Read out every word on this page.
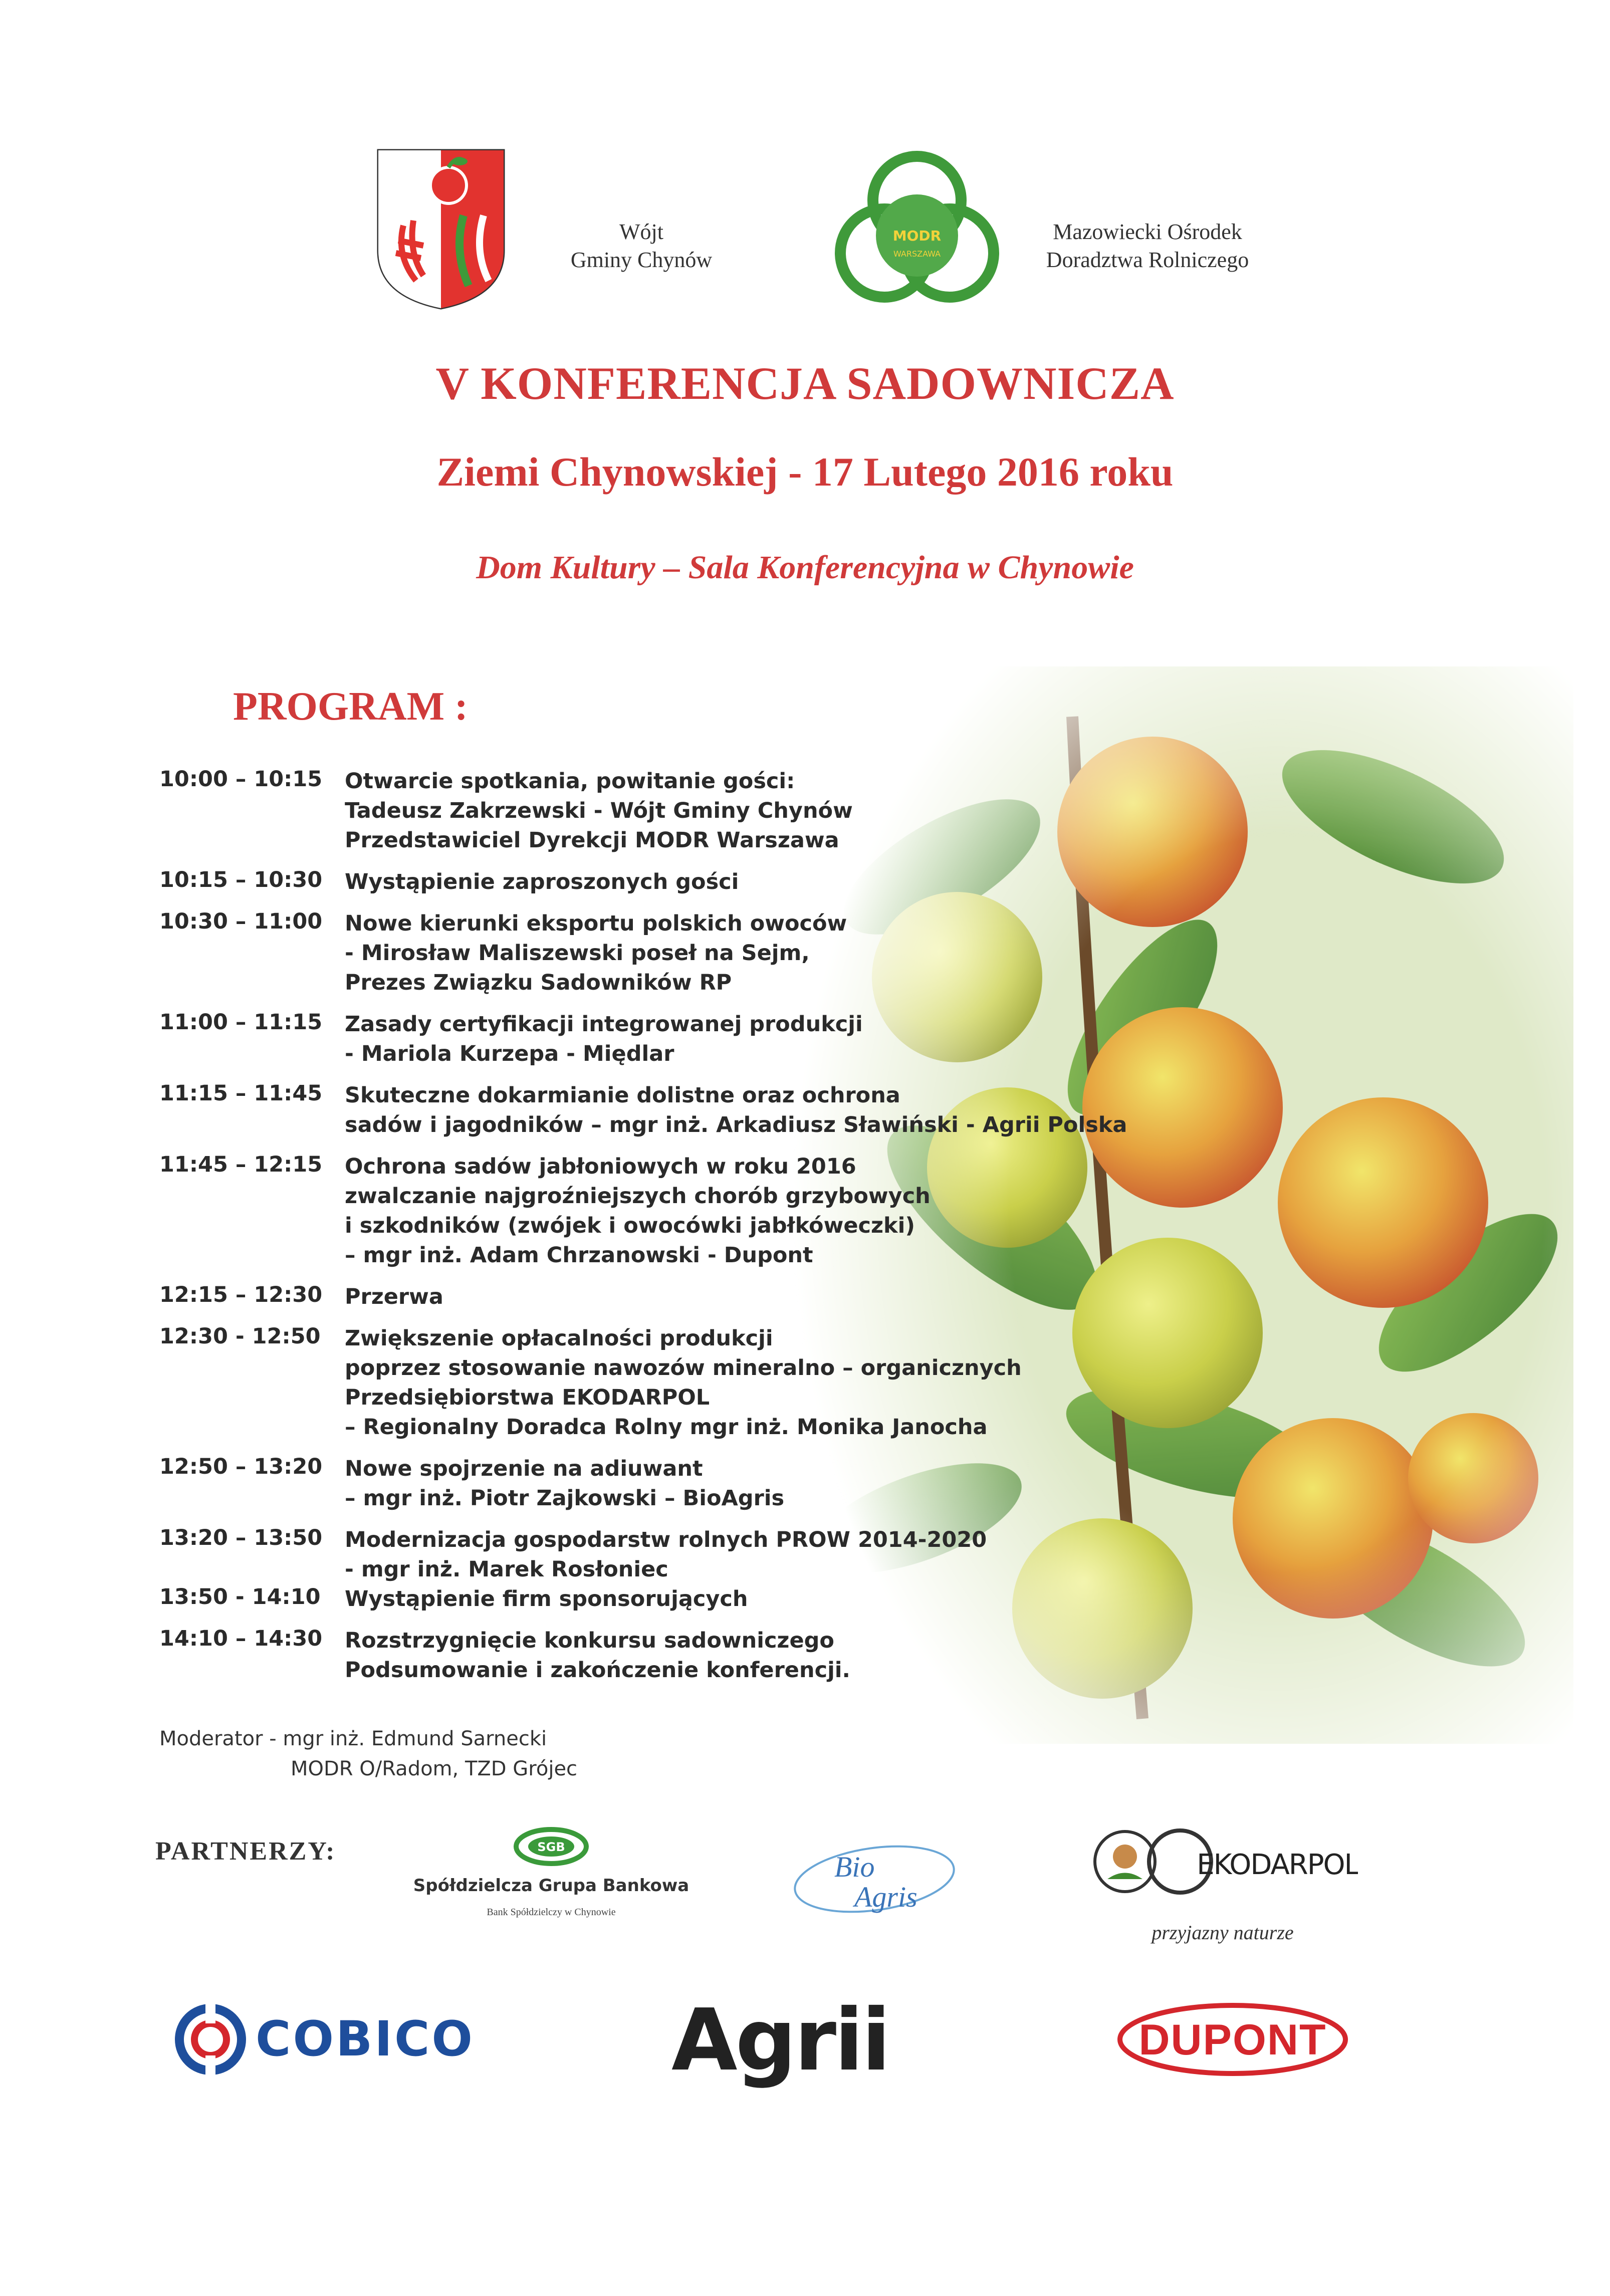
Wójt
Gminy Chynów
MODR
WARSZAWA
Mazowiecki Ośrodek
Doradztwa Rolniczego
V KONFERENCJA SADOWNICZA
Ziemi Chynowskiej - 17 Lutego 2016 roku
Dom Kultury – Sala Konferencyjna w Chynowie
PROGRAM :
10:00 – 10:15	Otwarcie spotkania, powitanie gości:
Tadeusz Zakrzewski - Wójt Gminy Chynów
Przedstawiciel Dyrekcji MODR Warszawa
10:15 – 10:30	Wystąpienie zaproszonych gości
10:30 – 11:00	Nowe kierunki eksportu polskich owoców
- Mirosław Maliszewski poseł na Sejm,
Prezes Związku Sadowników RP
11:00 – 11:15	Zasady certyfikacji integrowanej produkcji
- Mariola Kurzepa - Międlar
11:15 – 11:45	Skuteczne dokarmianie dolistne oraz ochrona
sadów i jagodników – mgr inż. Arkadiusz Sławiński - Agrii Polska
11:45 – 12:15	Ochrona sadów jabłoniowych w roku 2016
zwalczanie najgroźniejszych chorób grzybowych
i szkodników (zwójek i owocówki jabłkóweczki)
– mgr inż. Adam Chrzanowski - Dupont
12:15 – 12:30	Przerwa
12:30 - 12:50	Zwiększenie opłacalności produkcji
poprzez stosowanie nawozów mineralno – organicznych
Przedsiębiorstwa EKODARPOL
– Regionalny Doradca Rolny mgr inż. Monika Janocha
12:50 – 13:20	Nowe spojrzenie na adiuwant
– mgr inż. Piotr Zajkowski – BioAgris
13:20 – 13:50	Modernizacja gospodarstw rolnych PROW 2014-2020
- mgr inż. Marek Rosłoniec
13:50 - 14:10	Wystąpienie firm sponsorujących
14:10 – 14:30	Rozstrzygnięcie konkursu sadowniczego
Podsumowanie i zakończenie konferencji.
Moderator - mgr inż. Edmund Sarnecki
MODR O/Radom, TZD Grójec
PARTNERZY:	SGB
Spółdzielcza Grupa Bankowa
Bank Spółdzielczy w Chynowie
Bio
Agris
EKODARPOL
przyjazny naturze
COBICO Agrii	DUPONT
